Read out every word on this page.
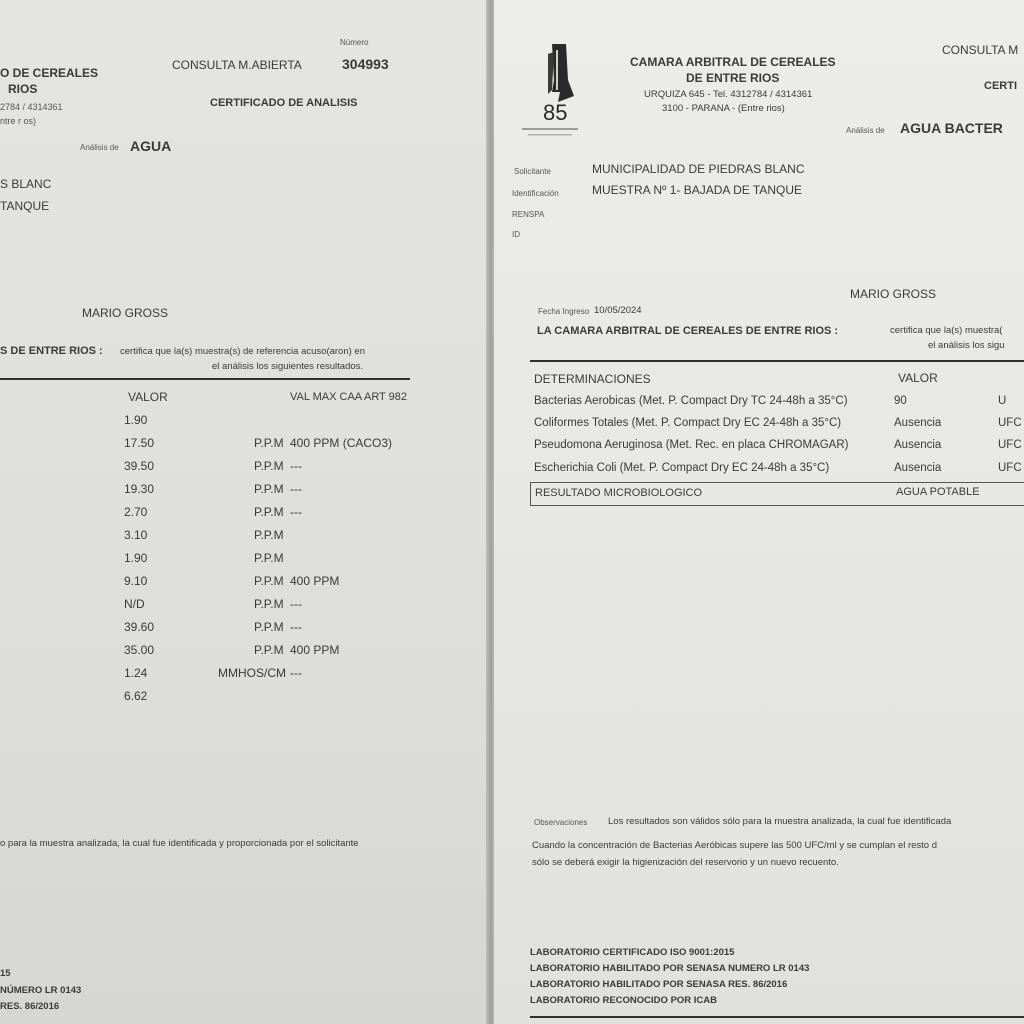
O DE CEREALES
RIOS
2784 / 4314361
ntre r os)
CONSULTA M.ABIERTA
Número
304993
CERTIFICADO DE ANALISIS
Análisis de AGUA
S BLANC
TANQUE
MARIO GROSS
S DE ENTRE RIOS : certifica que la(s) muestra(s) de referencia acuso(aron) en
el análisis los siguientes resultados.
VALOR	VAL MAX CAA ART 982
1.90
17.50	P.P.M 400 PPM (CACO3)
39.50	P.P.M ---
19.30	P.P.M ---
2.70	P.P.M ---
3.10	P.P.M
1.90	P.P.M
9.10	P.P.M 400 PPM
N/D	P.P.M ---
39.60	P.P.M ---
35.00	P.P.M 400 PPM
1.24	MMHOS/CM ---
6.62
o para la muestra analizada, la cual fue identificada y proporcionada por el solicitante
15
NÚMERO LR 0143
RES. 86/2016
85
CAMARA ARBITRAL DE CEREALES
DE ENTRE RIOS
URQUIZA 645 - Tel. 4312784 / 4314361
3100 - PARANA - (Entre rios)
CONSULTA M
CERTI
Análisis de AGUA BACTER
Solicitante	MUNICIPALIDAD DE PIEDRAS BLANC
Identificación	MUESTRA Nº 1- BAJADA DE TANQUE
RENSPA
ID
MARIO GROSS
Fecha Ingreso 10/05/2024
LA CAMARA ARBITRAL DE CEREALES DE ENTRE RIOS :	certifica que la(s) muestra(
el análisis los sigu
DETERMINACIONES	VALOR
Bacterias Aerobicas (Met. P. Compact Dry TC 24-48h a 35°C)	90	U
Coliformes Totales (Met. P. Compact Dry EC 24-48h a 35°C)	Ausencia	UFC
Pseudomona Aeruginosa (Met. Rec. en placa CHROMAGAR)	Ausencia	UFC
Escherichia Coli (Met. P. Compact Dry EC 24-48h a 35°C)	Ausencia	UFC
RESULTADO MICROBIOLOGICO	AGUA POTABLE
Observaciones Los resultados son válidos sólo para la muestra analizada, la cual fue identificada
Cuando la concentración de Bacterias Aeróbicas supere las 500 UFC/ml y se cumplan el resto d
sólo se deberá exigir la higienización del reservorio y un nuevo recuento.
LABORATORIO CERTIFICADO ISO 9001:2015
LABORATORIO HABILITADO POR SENASA NUMERO LR 0143
LABORATORIO HABILITADO POR SENASA RES. 86/2016
LABORATORIO RECONOCIDO POR ICAB
